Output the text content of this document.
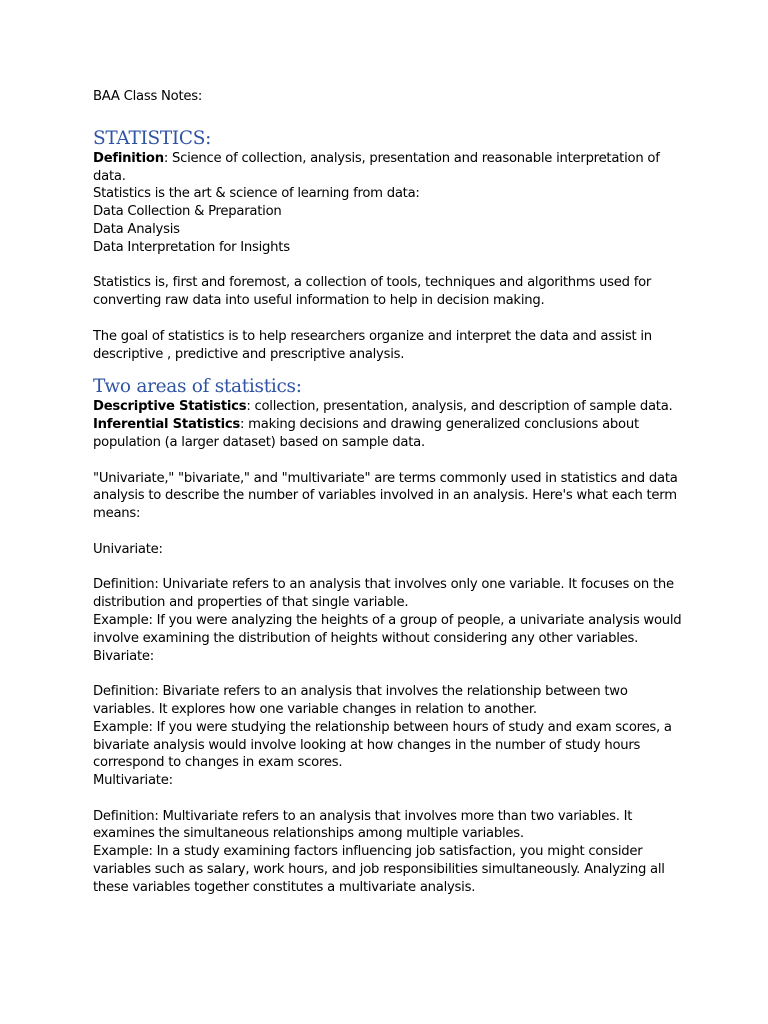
BAA Class Notes:

STATISTICS:

Definition: Science of collection, analysis, presentation and reasonable interpretation of

data.

Statistics is the art & science of learning from data:

Data Collection & Preparation

Data Analysis

Data Interpretation for Insights

Statistics is, first and foremost, a collection of tools, techniques and algorithms used for

converting raw data into useful information to help in decision making.

The goal of statistics is to help researchers organize and interpret the data and assist in

descriptive , predictive and prescriptive analysis.

Two areas of statistics:

Descriptive Statistics: collection, presentation, analysis, and description of sample data.

Inferential Statistics: making decisions and drawing generalized conclusions about

population (a larger dataset) based on sample data.

"Univariate," "bivariate," and "multivariate" are terms commonly used in statistics and data

analysis to describe the number of variables involved in an analysis. Here's what each term

means:

Univariate:

Definition: Univariate refers to an analysis that involves only one variable. It focuses on the

distribution and properties of that single variable.

Example: If you were analyzing the heights of a group of people, a univariate analysis would

involve examining the distribution of heights without considering any other variables.

Bivariate:

Definition: Bivariate refers to an analysis that involves the relationship between two

variables. It explores how one variable changes in relation to another.

Example: If you were studying the relationship between hours of study and exam scores, a

bivariate analysis would involve looking at how changes in the number of study hours

correspond to changes in exam scores.

Multivariate:

Definition: Multivariate refers to an analysis that involves more than two variables. It

examines the simultaneous relationships among multiple variables.

Example: In a study examining factors influencing job satisfaction, you might consider

variables such as salary, work hours, and job responsibilities simultaneously. Analyzing all

these variables together constitutes a multivariate analysis.
